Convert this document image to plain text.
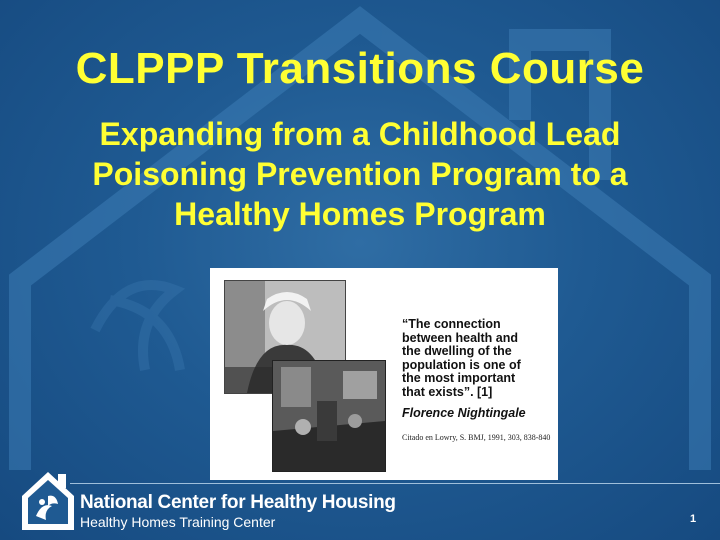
CLPPP Transitions Course
Expanding from a Childhood Lead
Poisoning Prevention Program to a
Healthy Homes Program

“The connection
between health and
the dwelling of the
population is one of
the most important
that exists”. [1]

Florence Nightingale

Citado en Lowry, S. BMJ, 1991, 303, 838-840

National Center for Healthy Housing

Healthy Homes Training Center	1
